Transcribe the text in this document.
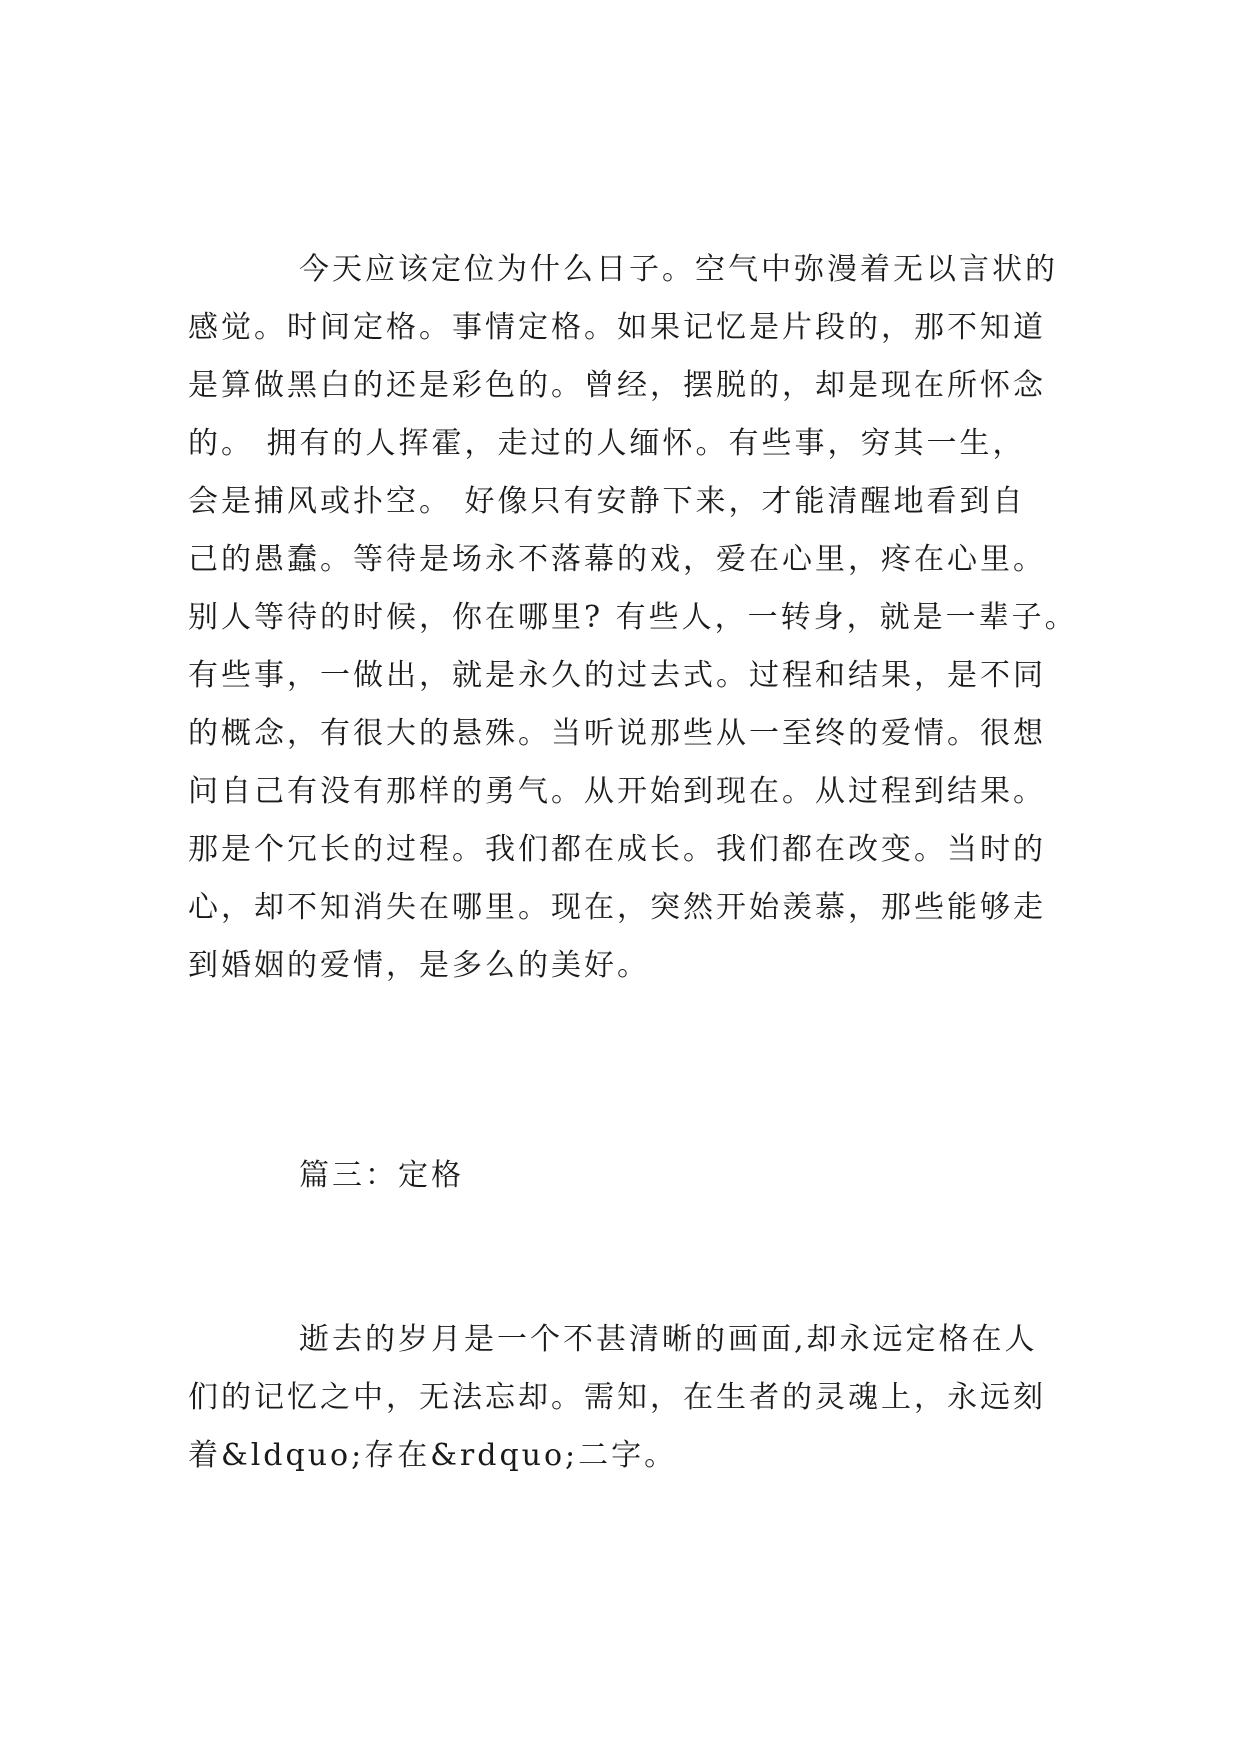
今天应该定位为什么日子。空气中弥漫着无以言状的
感觉。时间定格。事情定格。如果记忆是片段的，那不知道
是算做黑白的还是彩色的。曾经，摆脱的，却是现在所怀念
的。 拥有的人挥霍，走过的人缅怀。有些事，穷其一生，
会是捕风或扑空。 好像只有安静下来，才能清醒地看到自
己的愚蠢。等待是场永不落幕的戏，爱在心里，疼在心里。
别人等待的时候，你在哪里? 有些人，一转身，就是一辈子。
有些事，一做出，就是永久的过去式。过程和结果，是不同
的概念，有很大的悬殊。当听说那些从一至终的爱情。很想
问自己有没有那样的勇气。从开始到现在。从过程到结果。
那是个冗长的过程。我们都在成长。我们都在改变。当时的
心，却不知消失在哪里。现在，突然开始羡慕，那些能够走
到婚姻的爱情，是多么的美好。
篇三：定格
逝去的岁月是一个不甚清晰的画面,却永远定格在人
们的记忆之中，无法忘却。需知，在生者的灵魂上，永远刻
着&ldquo;存在&rdquo;二字。
